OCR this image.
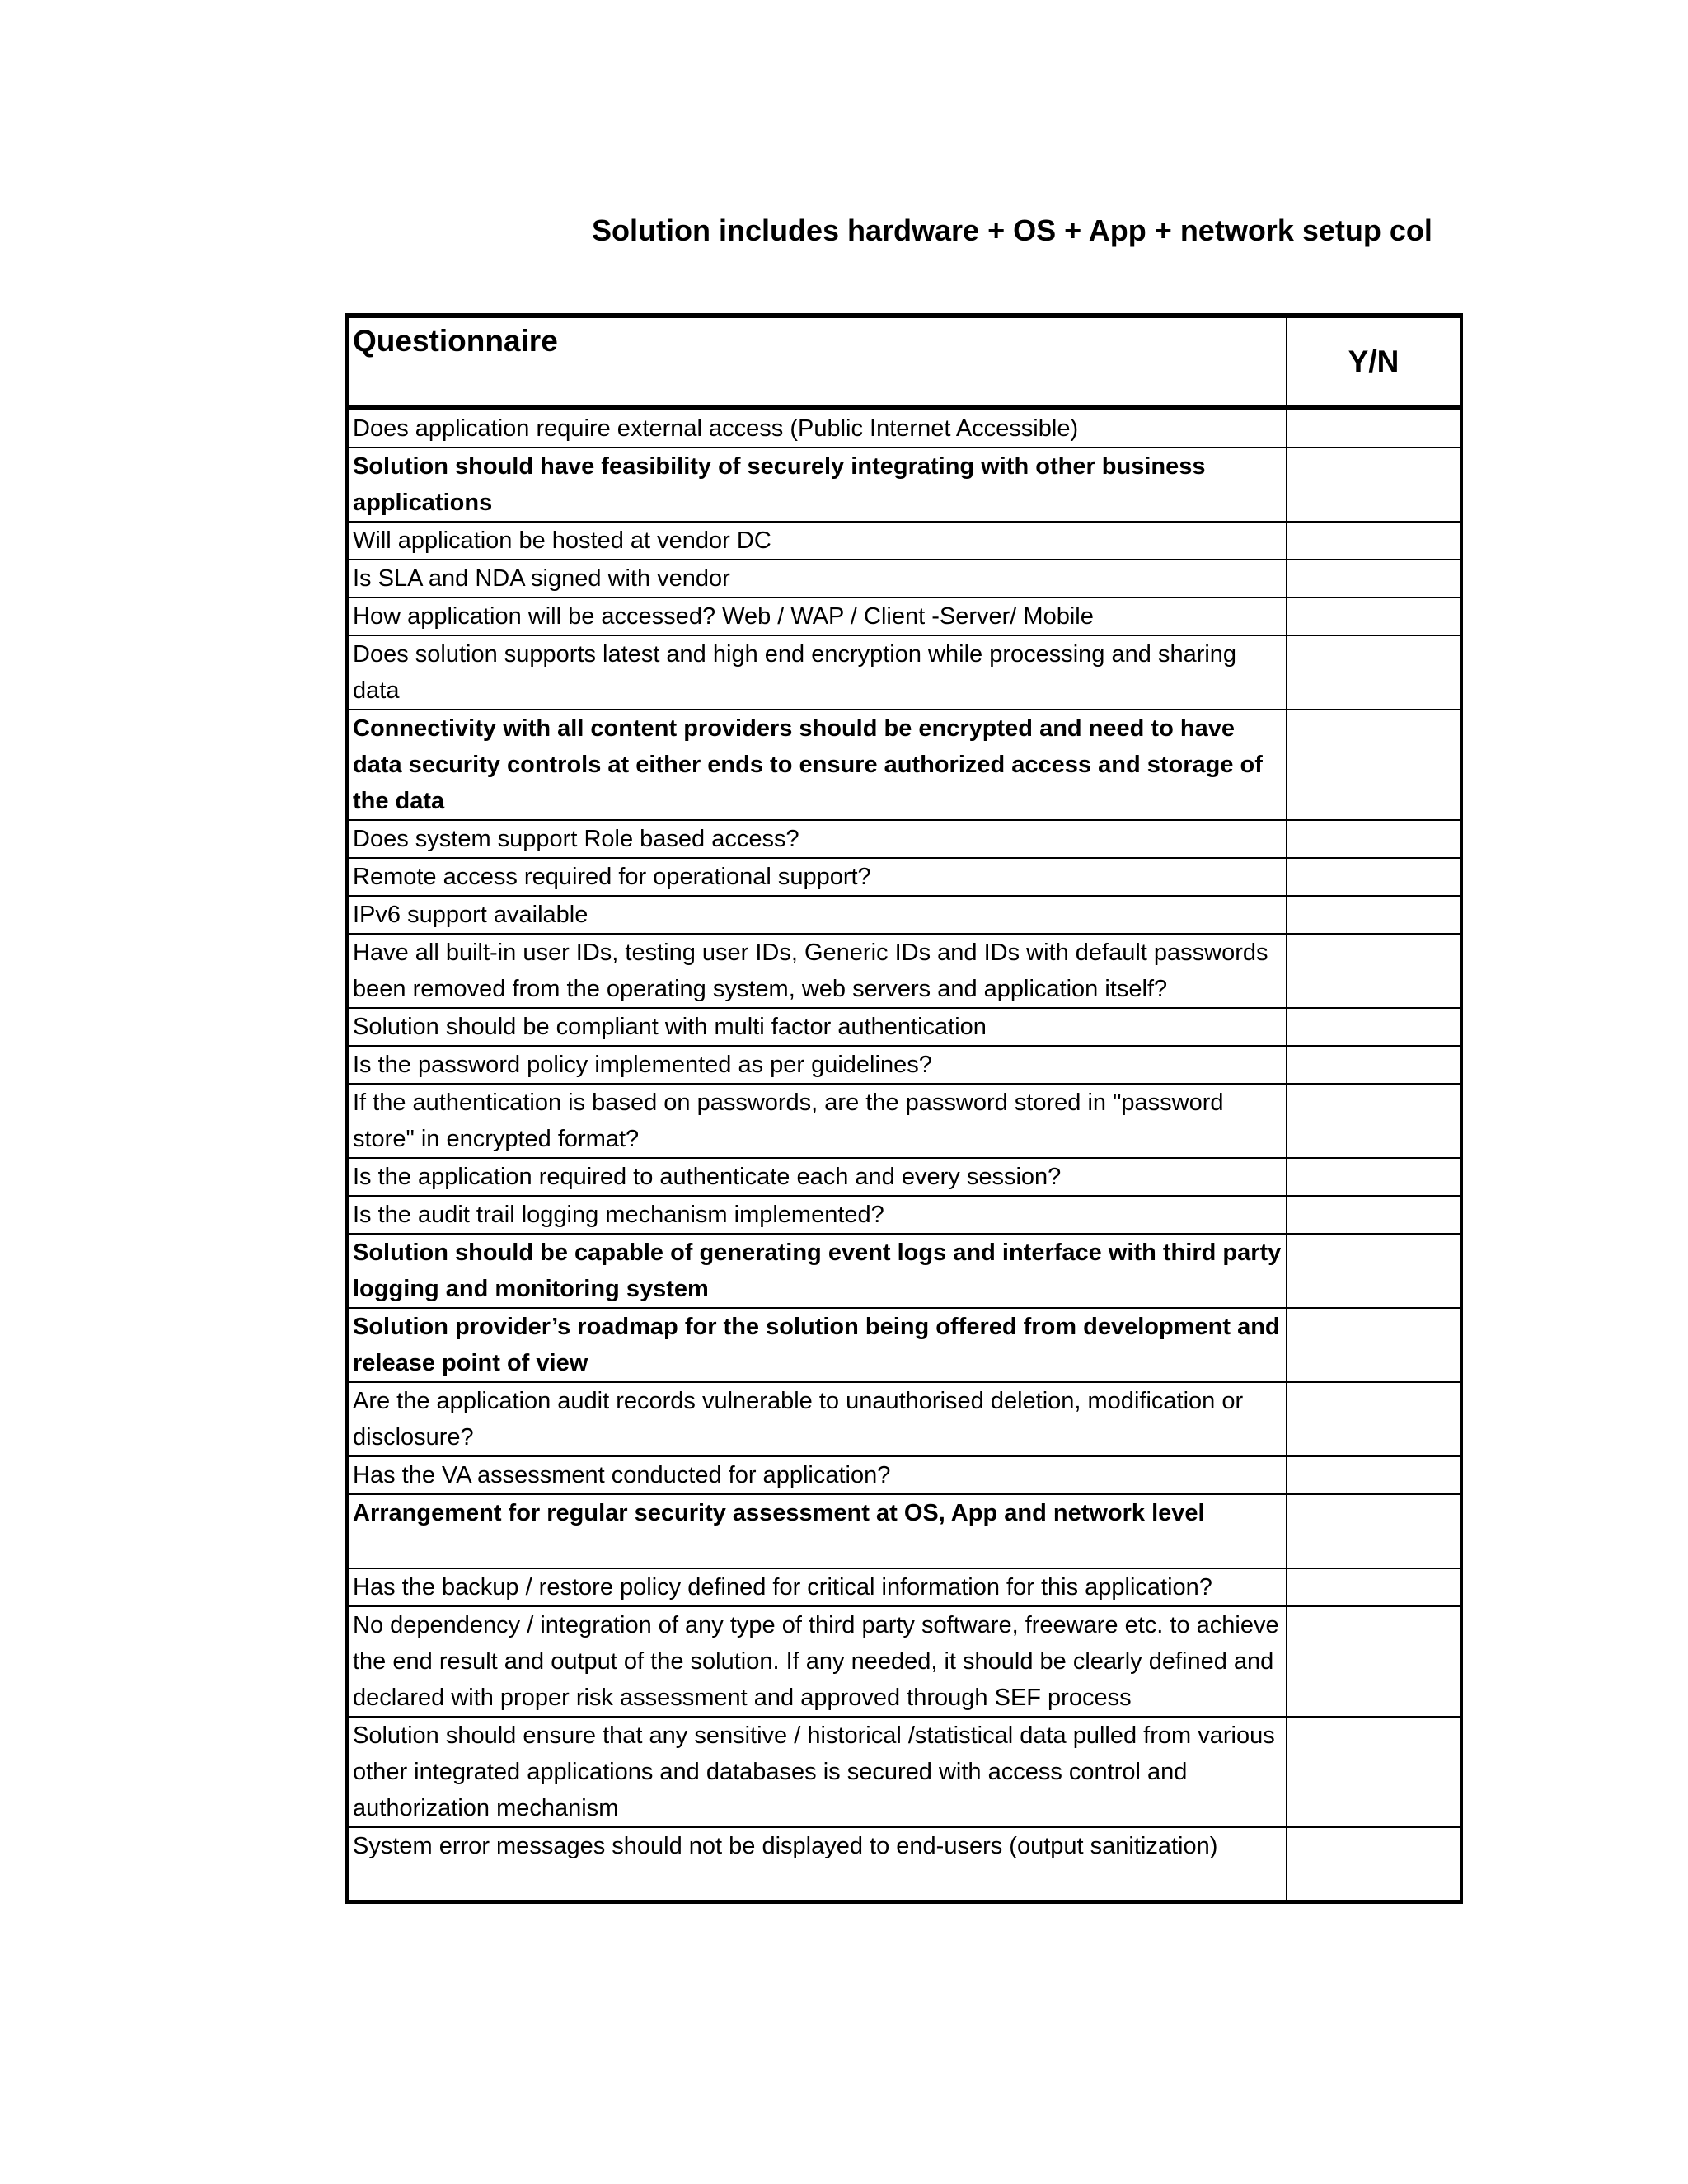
Solution includes hardware + OS + App + network setup col
Questionnaire	Y/N
Does application require external access (Public Internet Accessible)	
Solution should have feasibility of securely integrating with other business applications	
Will application be hosted at vendor DC	
Is SLA and NDA signed with vendor	
How application will be accessed? Web / WAP / Client -Server/ Mobile	
Does solution supports latest and high end encryption while processing and sharing data	
Connectivity with all content providers should be encrypted and need to have data security controls at either ends to ensure authorized access and storage of the data	
Does system support Role based access?	
Remote access required for operational support?	
IPv6 support available	
Have all built-in user IDs, testing user IDs, Generic IDs and IDs with default passwords been removed from the operating system, web servers and application itself?	
Solution should be compliant with multi factor authentication	
Is the password policy implemented as per guidelines?	
If the authentication is based on passwords, are the password stored in "password store" in encrypted format?	
Is the application required to authenticate each and every session?	
Is the audit trail logging mechanism implemented?	
Solution should be capable of generating event logs and interface with third party logging and monitoring system	
Solution provider’s roadmap for the solution being offered from development and release point of view	
Are the application audit records vulnerable to unauthorised deletion, modification or disclosure?	
Has the VA assessment conducted for application?	
Arrangement for regular security assessment at OS, App and network level	
Has the backup / restore policy defined for critical information for this application?	
No dependency / integration of any type of third party software, freeware etc. to achieve the end result and output of the solution. If any needed, it should be clearly defined and declared with proper risk assessment and approved through SEF process	
Solution should ensure that any sensitive / historical /statistical data pulled from various other integrated applications and databases is secured with access control and authorization mechanism	
System error messages should not be displayed to end-users (output sanitization)	
